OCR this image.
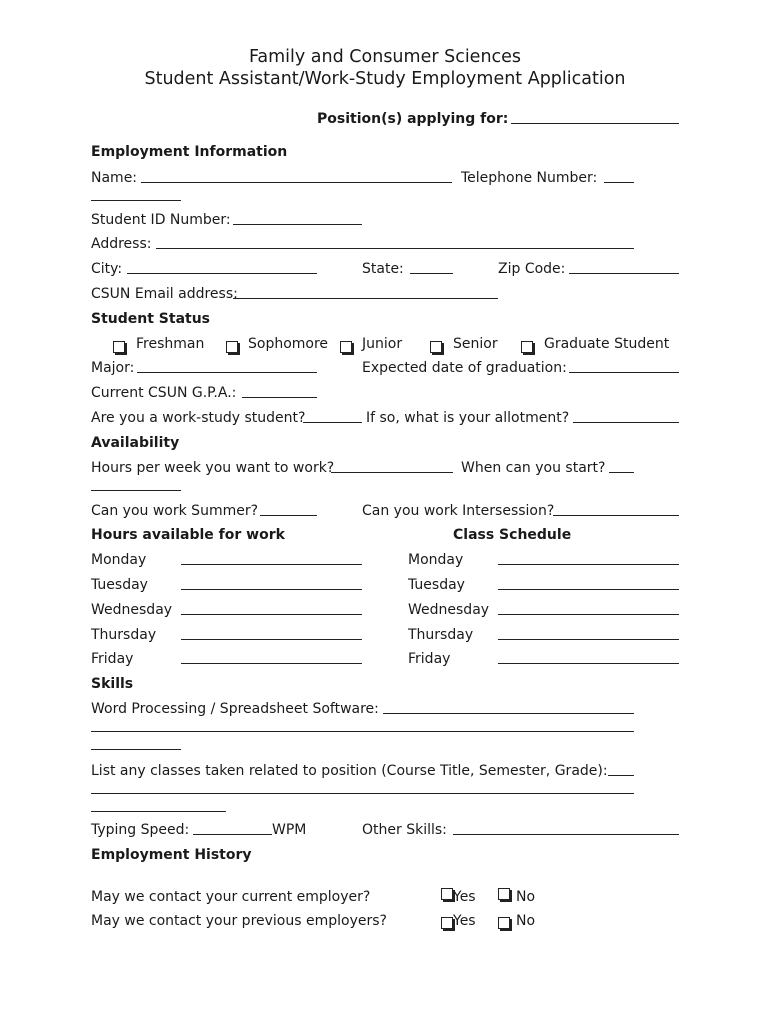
Family and Consumer Sciences
Student Assistant/Work-Study Employment Application
Position(s) applying for:
Employment Information
Name:	Telephone Number:
Student ID Number:
Address:
City:	State:	Zip Code:
CSUN Email address:
Student Status
Freshman	Sophomore Junior	Senior	Graduate Student
Major:	Expected date of graduation:
Current CSUN G.P.A.:
Are you a work-study student?	If so, what is your allotment?
Availability
Hours per week you want to work?	When can you start?
Can you work Summer?	Can you work Intersession?
Hours available for work	Class Schedule
Monday	Monday
Tuesday	Tuesday
Wednesday	Wednesday
Thursday	Thursday
Friday	Friday
Skills
Word Processing / Spreadsheet Software:
List any classes taken related to position (Course Title, Semester, Grade):
Typing Speed:	WPM	Other Skills:
Employment History
May we contact your current employer?	Yes	No
May we contact your previous employers?	Yes	No
